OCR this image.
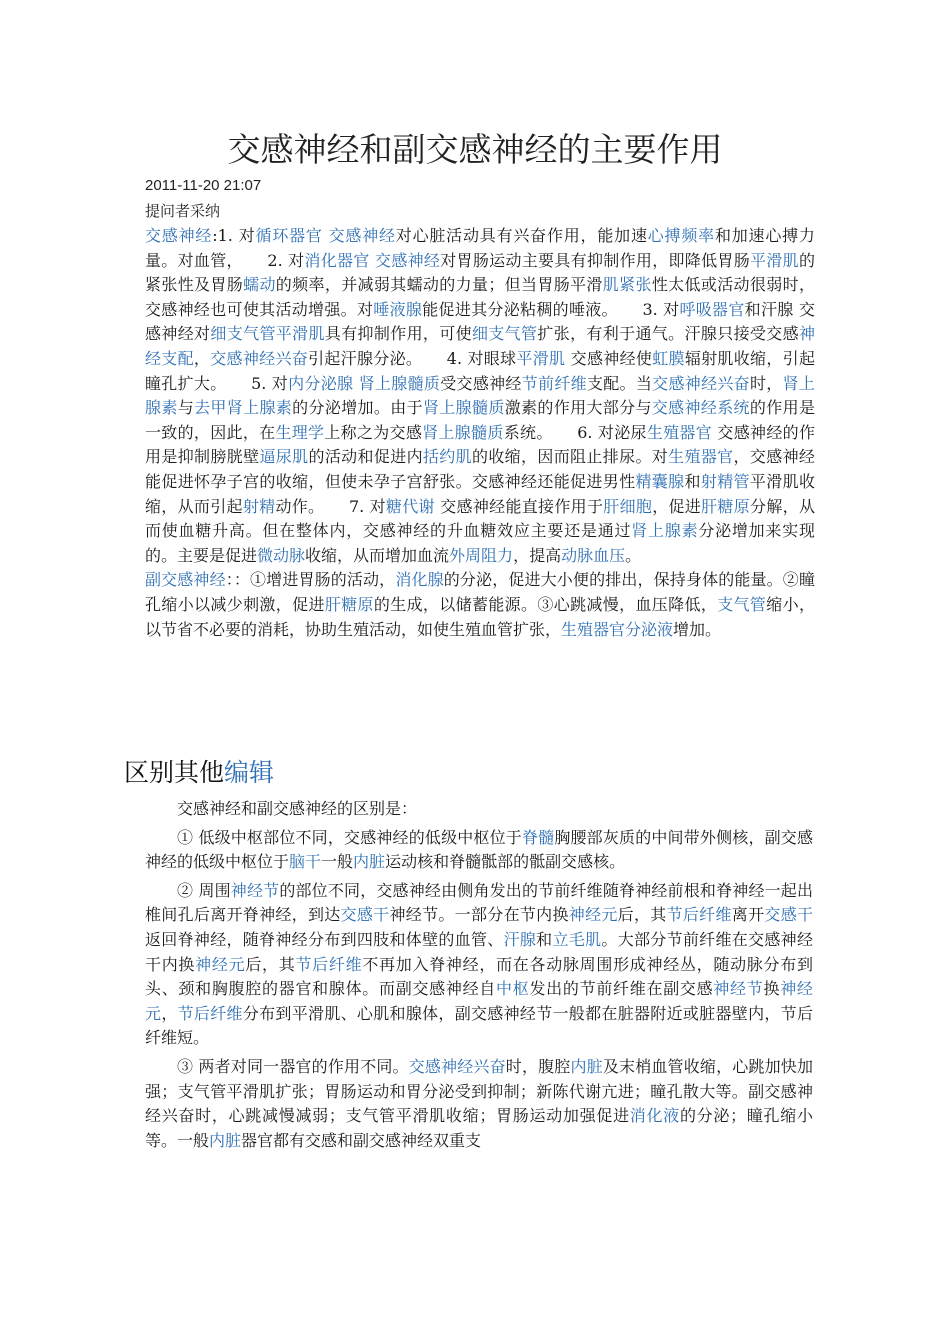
交感神经和副交感神经的主要作用
2011-11-20 21:07
提问者采纳

交感神经:1. 对循环器官 交感神经对心脏活动具有兴奋作用，能加速心搏频率和加速心搏力量。对血管，　　2. 对消化器官 交感神经对胃肠运动主要具有抑制作用，即降低胃肠平滑肌的紧张性及胃肠蠕动的频率，并减弱其蠕动的力量；但当胃肠平滑肌紧张性太低或活动很弱时，交感神经也可使其活动增强。对唾液腺能促进其分泌粘稠的唾液。　　3. 对呼吸器官和汗腺 交感神经对细支气管平滑肌具有抑制作用，可使细支气管扩张，有利于通气。汗腺只接受交感神经支配，交感神经兴奋引起汗腺分泌。　　4. 对眼球平滑肌 交感神经使虹膜辐射肌收缩，引起瞳孔扩大。　　5. 对内分泌腺 肾上腺髓质受交感神经节前纤维支配。当交感神经兴奋时，肾上腺素与去甲肾上腺素的分泌增加。由于肾上腺髓质激素的作用大部分与交感神经系统的作用是一致的，因此，在生理学上称之为交感肾上腺髓质系统。　　6. 对泌尿生殖器官 交感神经的作用是抑制膀胱壁逼尿肌的活动和促进内括约肌的收缩，因而阻止排尿。对生殖器官，交感神经能促进怀孕子宫的收缩，但使未孕子宫舒张。交感神经还能促进男性精囊腺和射精管平滑肌收缩，从而引起射精动作。　　7. 对糖代谢 交感神经能直接作用于肝细胞，促进肝糖原分解，从而使血糖升高。但在整体内，交感神经的升血糖效应主要还是通过肾上腺素分泌增加来实现的。主要是促进微动脉收缩，从而增加血流外周阻力，提高动脉血压。

副交感神经：：①增进胃肠的活动，消化腺的分泌，促进大小便的排出，保持身体的能量。②瞳孔缩小以减少刺激，促进肝糖原的生成，以储蓄能源。③心跳减慢，血压降低，支气管缩小，以节省不必要的消耗，协助生殖活动，如使生殖血管扩张，生殖器官分泌液增加。

区别其他编辑

交感神经和副交感神经的区别是：

① 低级中枢部位不同，交感神经的低级中枢位于脊髓胸腰部灰质的中间带外侧核，副交感神经的低级中枢位于脑干一般内脏运动核和脊髓骶部的骶副交感核。

② 周围神经节的部位不同，交感神经由侧角发出的节前纤维随脊神经前根和脊神经一起出椎间孔后离开脊神经，到达交感干神经节。一部分在节内换神经元后，其节后纤维离开交感干返回脊神经，随脊神经分布到四肢和体壁的血管、汗腺和立毛肌。大部分节前纤维在交感神经干内换神经元后，其节后纤维不再加入脊神经，而在各动脉周围形成神经丛，随动脉分布到头、颈和胸腹腔的器官和腺体。而副交感神经自中枢发出的节前纤维在副交感神经节换神经元，节后纤维分布到平滑肌、心肌和腺体，副交感神经节一般都在脏器附近或脏器壁内，节后纤维短。

③ 两者对同一器官的作用不同。交感神经兴奋时，腹腔内脏及末梢血管收缩，心跳加快加强；支气管平滑肌扩张；胃肠运动和胃分泌受到抑制；新陈代谢亢进；瞳孔散大等。副交感神经兴奋时，心跳减慢减弱；支气管平滑肌收缩；胃肠运动加强促进消化液的分泌；瞳孔缩小等。一般内脏器官都有交感和副交感神经双重支
